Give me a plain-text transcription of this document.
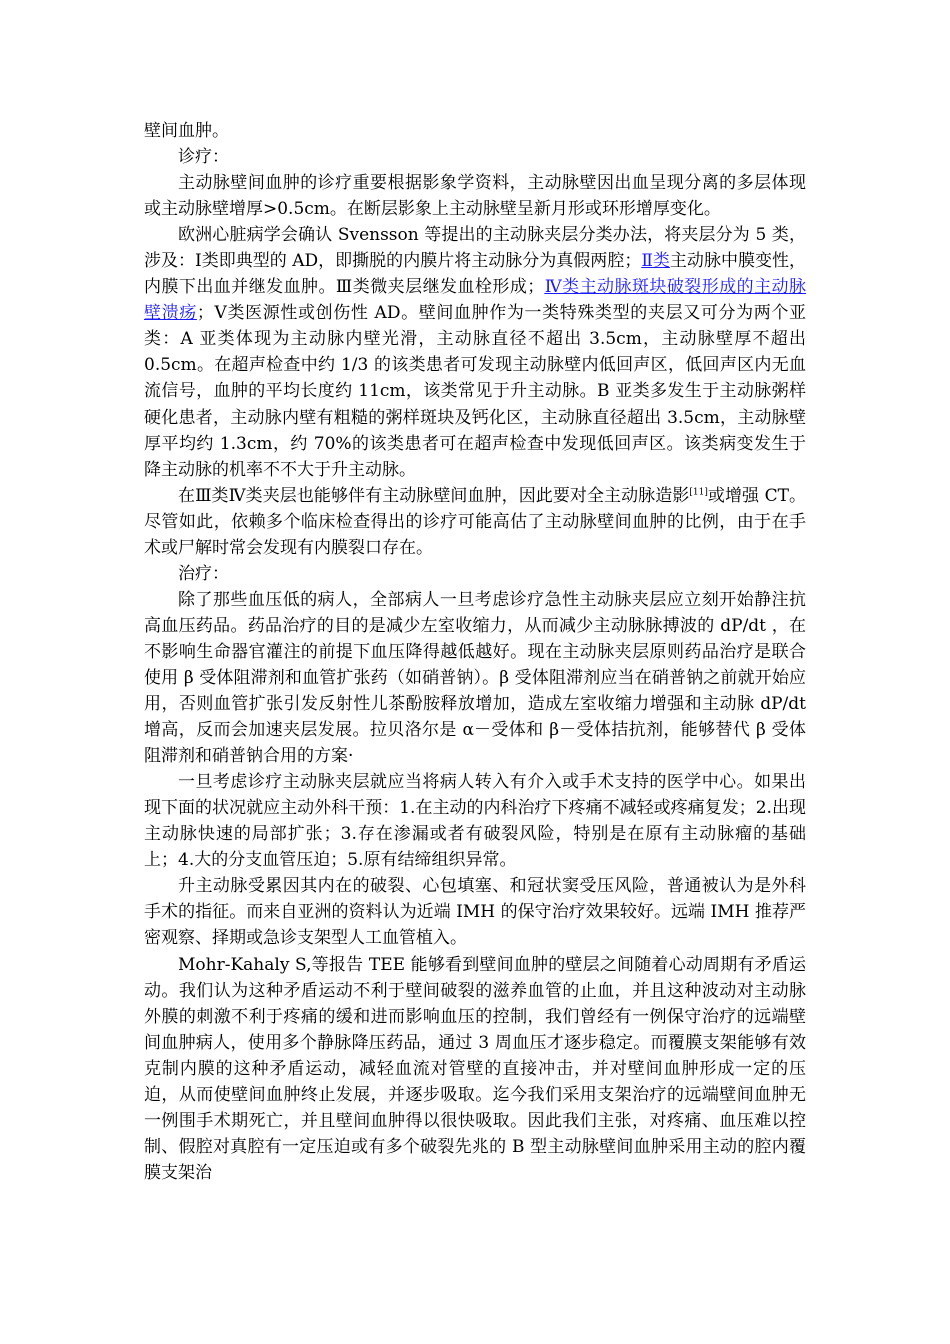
壁间血肿。

诊疗：

主动脉壁间血肿的诊疗重要根据影象学资料，主动脉壁因出血呈现分离的多层体现或主动脉壁增厚>0.5cm。在断层影象上主动脉壁呈新月形或环形增厚变化。

欧洲心脏病学会确认 Svensson 等提出的主动脉夹层分类办法，将夹层分为 5 类，涉及：Ⅰ类即典型的 AD，即撕脱的内膜片将主动脉分为真假两腔；Ⅱ类主动脉中膜变性，内膜下出血并继发血肿。Ⅲ类微夹层继发血栓形成；Ⅳ类主动脉斑块破裂形成的主动脉壁溃疡；Ⅴ类医源性或创伤性 AD。壁间血肿作为一类特殊类型的夹层又可分为两个亚类：A 亚类体现为主动脉内壁光滑，主动脉直径不超出 3.5cm，主动脉壁厚不超出 0.5cm。在超声检查中约 1/3 的该类患者可发现主动脉壁内低回声区，低回声区内无血流信号，血肿的平均长度约 11cm，该类常见于升主动脉。B 亚类多发生于主动脉粥样硬化患者，主动脉内壁有粗糙的粥样斑块及钙化区，主动脉直径超出 3.5cm，主动脉壁厚平均约 1.3cm，约 70%的该类患者可在超声检查中发现低回声区。该类病变发生于降主动脉的机率不不大于升主动脉。

在Ⅲ类Ⅳ类夹层也能够伴有主动脉壁间血肿，因此要对全主动脉造影[11]或增强 CT。尽管如此，依赖多个临床检查得出的诊疗可能高估了主动脉壁间血肿的比例，由于在手术或尸解时常会发现有内膜裂口存在。

治疗：

除了那些血压低的病人，全部病人一旦考虑诊疗急性主动脉夹层应立刻开始静注抗高血压药品。药品治疗的目的是减少左室收缩力，从而减少主动脉脉搏波的 dP/dt ，在不影响生命器官灌注的前提下血压降得越低越好。现在主动脉夹层原则药品治疗是联合使用 β 受体阻滞剂和血管扩张药（如硝普钠）。β 受体阻滞剂应当在硝普钠之前就开始应用，否则血管扩张引发反射性儿茶酚胺释放增加，造成左室收缩力增强和主动脉 dP/dt 增高，反而会加速夹层发展。拉贝洛尔是 α－受体和 β－受体拮抗剂，能够替代 β 受体阻滞剂和硝普钠合用的方案·

一旦考虑诊疗主动脉夹层就应当将病人转入有介入或手术支持的医学中心。如果出现下面的状况就应主动外科干预：1.在主动的内科治疗下疼痛不减轻或疼痛复发；2.出现主动脉快速的局部扩张；3.存在渗漏或者有破裂风险，特别是在原有主动脉瘤的基础上；4.大的分支血管压迫；5.原有结缔组织异常。

升主动脉受累因其内在的破裂、心包填塞、和冠状窦受压风险，普通被认为是外科手术的指征。而来自亚洲的资料认为近端 IMH 的保守治疗效果较好。远端 IMH 推荐严密观察、择期或急诊支架型人工血管植入。

Mohr-Kahaly S,等报告 TEE 能够看到壁间血肿的壁层之间随着心动周期有矛盾运动。我们认为这种矛盾运动不利于壁间破裂的滋养血管的止血，并且这种波动对主动脉外膜的刺激不利于疼痛的缓和进而影响血压的控制，我们曾经有一例保守治疗的远端壁间血肿病人，使用多个静脉降压药品，通过 3 周血压才逐步稳定。而覆膜支架能够有效克制内膜的这种矛盾运动，减轻血流对管壁的直接冲击，并对壁间血肿形成一定的压迫，从而使壁间血肿终止发展，并逐步吸取。迄今我们采用支架治疗的远端壁间血肿无一例围手术期死亡，并且壁间血肿得以很快吸取。因此我们主张，对疼痛、血压难以控制、假腔对真腔有一定压迫或有多个破裂先兆的 B 型主动脉壁间血肿采用主动的腔内覆膜支架治
